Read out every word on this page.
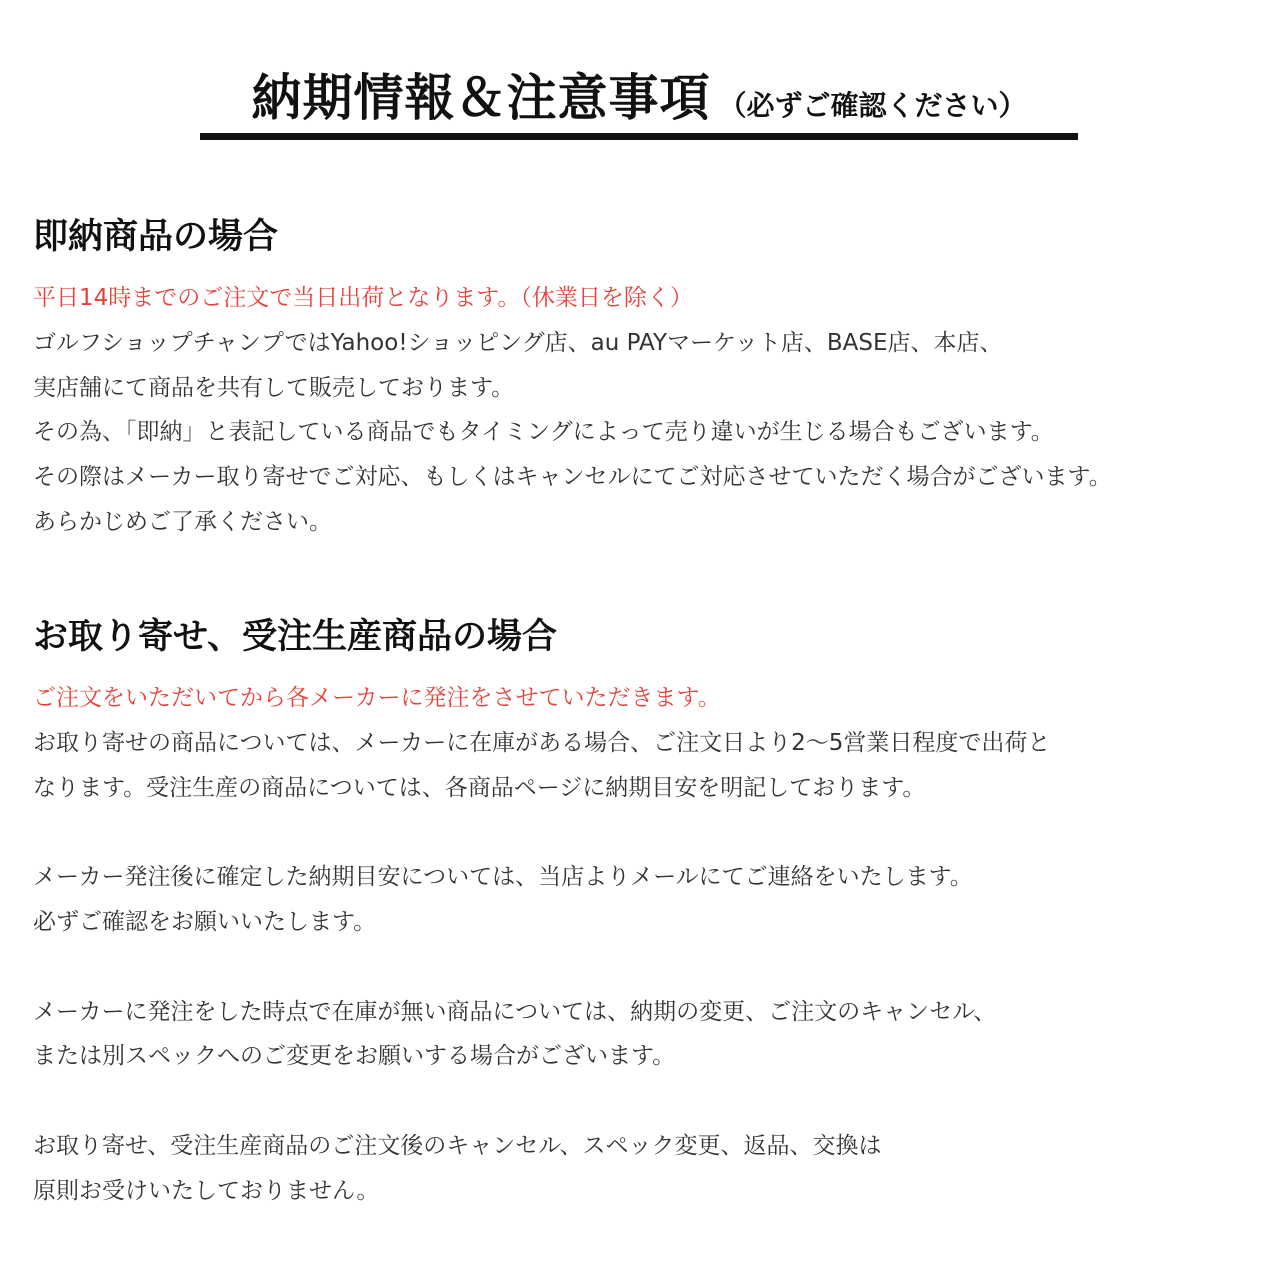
納期情報＆注意事項 （必ずご確認ください）
即納商品の場合

平日14時までのご注文で当日出荷となります。（休業日を除く）

ゴルフショップチャンプではYahoo!ショッピング店、au PAYマーケット店、BASE店、本店、

実店舗にて商品を共有して販売しております。

その為、「即納」と表記している商品でもタイミングによって売り違いが生じる場合もございます。

その際はメーカー取り寄せでご対応、もしくはキャンセルにてご対応させていただく場合がございます。

あらかじめご了承ください。

お取り寄せ、受注生産商品の場合

ご注文をいただいてから各メーカーに発注をさせていただきます。

お取り寄せの商品については、メーカーに在庫がある場合、ご注文日より2〜5営業日程度で出荷と

なります。受注生産の商品については、各商品ページに納期目安を明記しております。

メーカー発注後に確定した納期目安については、当店よりメールにてご連絡をいたします。

必ずご確認をお願いいたします。

メーカーに発注をした時点で在庫が無い商品については、納期の変更、ご注文のキャンセル、

または別スペックへのご変更をお願いする場合がございます。

お取り寄せ、受注生産商品のご注文後のキャンセル、スペック変更、返品、交換は

原則お受けいたしておりません。
